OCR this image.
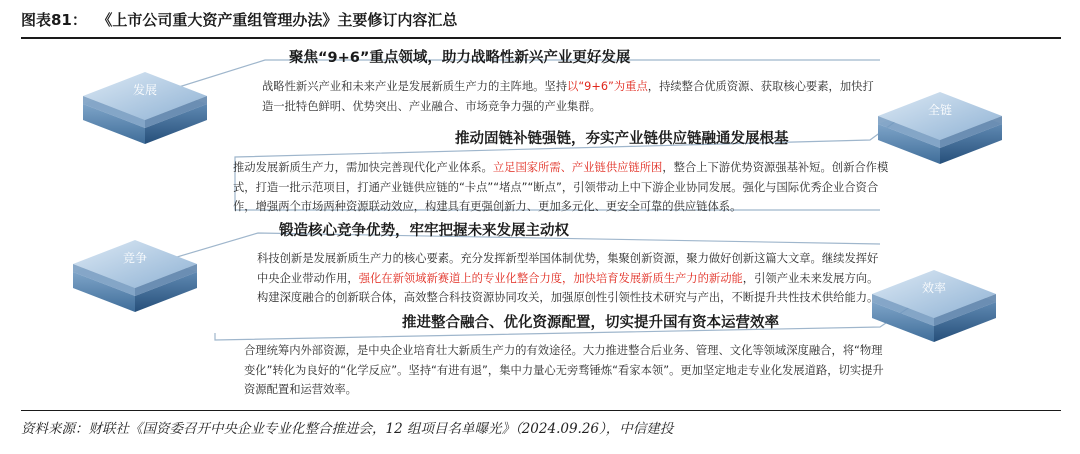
图表81： 《上市公司重大资产重组管理办法》主要修订内容汇总
发展
全链
竞争
效率
聚焦“9+6”重点领域，助力战略性新兴产业更好发展
战略性新兴产业和未来产业是发展新质生产力的主阵地。坚持以“9+6”为重点，持续整合优质资源、获取核心要素，加快打造一批特色鲜明、优势突出、产业融合、市场竞争力强的产业集群。
推动固链补链强链，夯实产业链供应链融通发展根基
推动发展新质生产力，需加快完善现代化产业体系。立足国家所需、产业链供应链所困，整合上下游优势资源强基补短。创新合作模式，打造一批示范项目，打通产业链供应链的“卡点”“堵点”“断点”，引领带动上中下游企业协同发展。强化与国际优秀企业合资合作，增强两个市场两种资源联动效应，构建具有更强创新力、更加多元化、更安全可靠的供应链体系。
锻造核心竞争优势，牢牢把握未来发展主动权
科技创新是发展新质生产力的核心要素。充分发挥新型举国体制优势，集聚创新资源，聚力做好创新这篇大文章。继续发挥好中央企业带动作用，强化在新领域新赛道上的专业化整合力度，加快培育发展新质生产力的新动能，引领产业未来发展方向。构建深度融合的创新联合体，高效整合科技资源协同攻关，加强原创性引领性技术研究与产出，不断提升共性技术供给能力。
推进整合融合、优化资源配置，切实提升国有资本运营效率
合理统筹内外部资源，是中央企业培育壮大新质生产力的有效途径。大力推进整合后业务、管理、文化等领域深度融合，将“物理变化”转化为良好的“化学反应”。坚持“有进有退”，集中力量心无旁骛锤炼“看家本领”。更加坚定地走专业化发展道路，切实提升资源配置和运营效率。
资料来源：财联社《国资委召开中央企业专业化整合推进会，12 组项目名单曝光》（2024.09.26），中信建投
